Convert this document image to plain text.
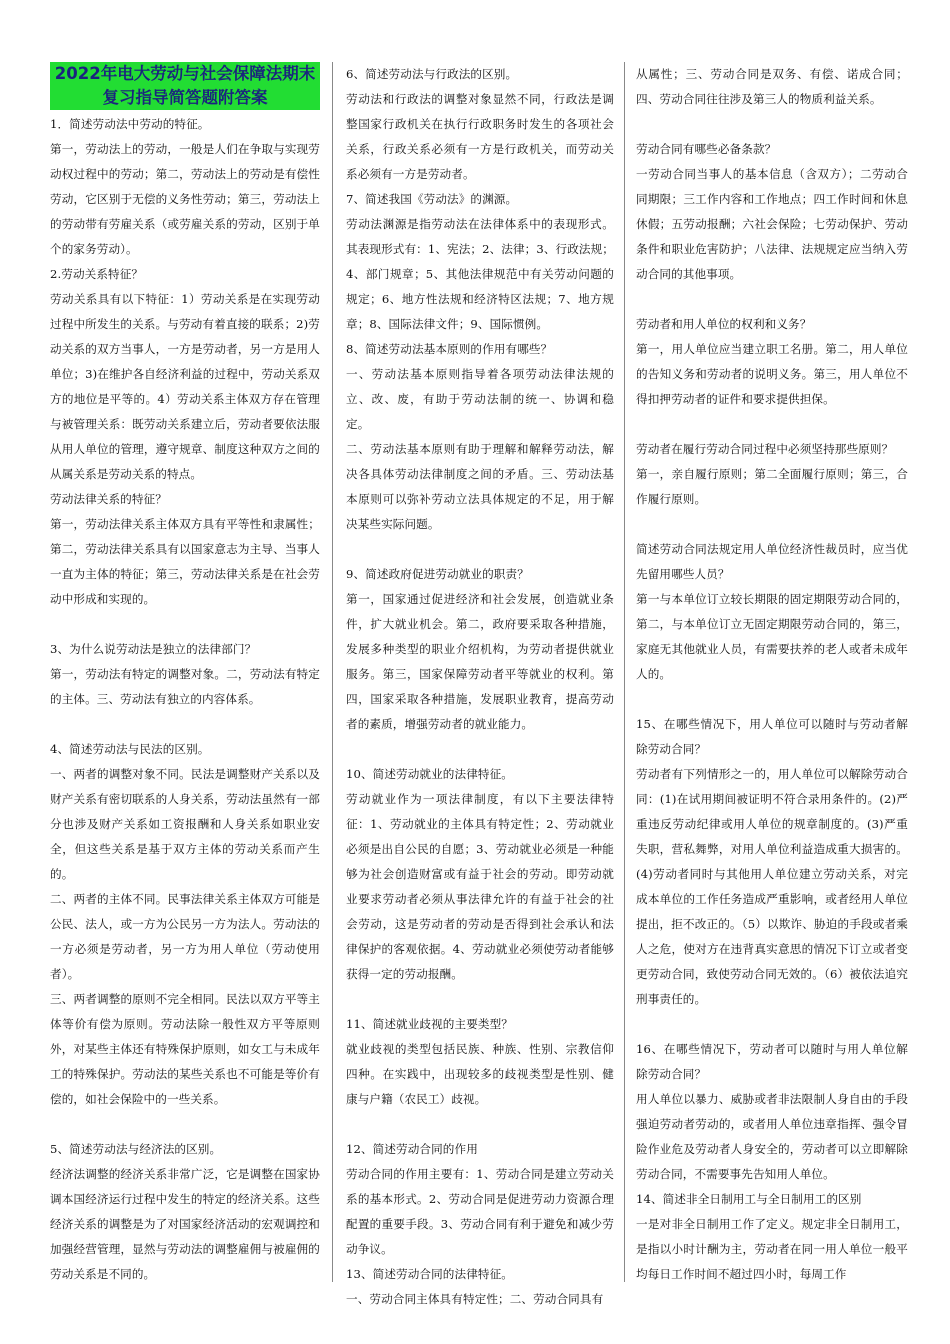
2022年电大劳动与社会保障法期末复习指导简答题附答案

1．简述劳动法中劳动的特征。

第一，劳动法上的劳动，一般是人们在争取与实现劳动权过程中的劳动；第二，劳动法上的劳动是有偿性劳动，它区别于无偿的义务性劳动；第三，劳动法上的劳动带有劳雇关系（或劳雇关系的劳动，区别于单个的家务劳动）。

2.劳动关系特征？

劳动关系具有以下特征：1）劳动关系是在实现劳动过程中所发生的关系。与劳动有着直接的联系；2)劳动关系的双方当事人，一方是劳动者，另一方是用人单位；3)在维护各自经济利益的过程中，劳动关系双方的地位是平等的。4）劳动关系主体双方存在管理与被管理关系：既劳动关系建立后，劳动者要依法服从用人单位的管理，遵守规章、制度这种双方之间的从属关系是劳动关系的特点。

劳动法律关系的特征？

第一，劳动法律关系主体双方具有平等性和隶属性；第二，劳动法律关系具有以国家意志为主导、当事人一直为主体的特征；第三，劳动法律关系是在社会劳动中形成和实现的。

3、为什么说劳动法是独立的法律部门？

第一，劳动法有特定的调整对象。二，劳动法有特定的主体。三、劳动法有独立的内容体系。

4、简述劳动法与民法的区别。

一、两者的调整对象不同。民法是调整财产关系以及财产关系有密切联系的人身关系，劳动法虽然有一部分也涉及财产关系如工资报酬和人身关系如职业安全，但这些关系是基于双方主体的劳动关系而产生的。

二、两者的主体不同。民事法律关系主体双方可能是公民、法人，或一方为公民另一方为法人。劳动法的一方必须是劳动者，另一方为用人单位（劳动使用者）。

三、两者调整的原则不完全相同。民法以双方平等主体等价有偿为原则。劳动法除一般性双方平等原则外，对某些主体还有特殊保护原则，如女工与未成年工的特殊保护。劳动法的某些关系也不可能是等价有偿的，如社会保险中的一些关系。

5、简述劳动法与经济法的区别。

经济法调整的经济关系非常广泛，它是调整在国家协调本国经济运行过程中发生的特定的经济关系。这些经济关系的调整是为了对国家经济活动的宏观调控和加强经营管理，显然与劳动法的调整雇佣与被雇佣的劳动关系是不同的。

6、简述劳动法与行政法的区别。

劳动法和行政法的调整对象显然不同，行政法是调整国家行政机关在执行行政职务时发生的各项社会关系，行政关系必须有一方是行政机关，而劳动关系必须有一方是劳动者。

7、简述我国《劳动法》的渊源。

劳动法渊源是指劳动法在法律体系中的表现形式。其表现形式有：1、宪法；2、法律；3、行政法规；4、部门规章；5、其他法律规范中有关劳动问题的规定；6、地方性法规和经济特区法规；7、地方规章；8、国际法律文件；9、国际惯例。

8、简述劳动法基本原则的作用有哪些？

一、劳动法基本原则指导着各项劳动法律法规的立、改、废，有助于劳动法制的统一、协调和稳定。

二、劳动法基本原则有助于理解和解释劳动法，解决各具体劳动法律制度之间的矛盾。三、劳动法基本原则可以弥补劳动立法具体规定的不足，用于解决某些实际问题。

9、简述政府促进劳动就业的职责？

第一，国家通过促进经济和社会发展，创造就业条件，扩大就业机会。第二，政府要采取各种措施，发展多种类型的职业介绍机构，为劳动者提供就业服务。第三，国家保障劳动者平等就业的权利。第四，国家采取各种措施，发展职业教育，提高劳动者的素质，增强劳动者的就业能力。

10、简述劳动就业的法律特征。

劳动就业作为一项法律制度，有以下主要法律特征：1、劳动就业的主体具有特定性；2、劳动就业必须是出自公民的自愿；3、劳动就业必须是一种能够为社会创造财富或有益于社会的劳动。即劳动就业要求劳动者必须从事法律允许的有益于社会的社会劳动，这是劳动者的劳动是否得到社会承认和法律保护的客观依据。4、劳动就业必须使劳动者能够获得一定的劳动报酬。

11、简述就业歧视的主要类型？

就业歧视的类型包括民族、种族、性别、宗教信仰四种。在实践中，出现较多的歧视类型是性别、健康与户籍（农民工）歧视。

12、简述劳动合同的作用

劳动合同的作用主要有：1、劳动合同是建立劳动关系的基本形式。2、劳动合同是促进劳动力资源合理配置的重要手段。3、劳动合同有利于避免和减少劳动争议。

13、简述劳动合同的法律特征。

一、劳动合同主体具有特定性；二、劳动合同具有

从属性；三、劳动合同是双务、有偿、诺成合同；四、劳动合同往往涉及第三人的物质利益关系。

劳动合同有哪些必备条款？

一劳动合同当事人的基本信息（含双方）；二劳动合同期限；三工作内容和工作地点；四工作时间和休息休假；五劳动报酬；六社会保险；七劳动保护、劳动条件和职业危害防护；八法律、法规规定应当纳入劳动合同的其他事项。

劳动者和用人单位的权利和义务？

第一，用人单位应当建立职工名册。第二，用人单位的告知义务和劳动者的说明义务。第三，用人单位不得扣押劳动者的证件和要求提供担保。

劳动者在履行劳动合同过程中必须坚持那些原则？

第一，亲自履行原则；第二全面履行原则；第三，合作履行原则。

简述劳动合同法规定用人单位经济性裁员时，应当优先留用哪些人员？

第一与本单位订立较长期限的固定期限劳动合同的，第二，与本单位订立无固定期限劳动合同的，第三，家庭无其他就业人员，有需要扶养的老人或者未成年人的。

15、在哪些情况下，用人单位可以随时与劳动者解除劳动合同？

劳动者有下列情形之一的，用人单位可以解除劳动合同：(1)在试用期间被证明不符合录用条件的。(2)严重违反劳动纪律或用人单位的规章制度的。(3)严重失职，营私舞弊，对用人单位利益造成重大损害的。(4)劳动者同时与其他用人单位建立劳动关系，对完成本单位的工作任务造成严重影响，或者经用人单位提出，拒不改正的。（5）以欺诈、胁迫的手段或者乘人之危，使对方在违背真实意思的情况下订立或者变更劳动合同，致使劳动合同无效的。（6）被依法追究刑事责任的。

16、在哪些情况下，劳动者可以随时与用人单位解除劳动合同？

用人单位以暴力、威胁或者非法限制人身自由的手段强迫劳动者劳动的，或者用人单位违章指挥、强令冒险作业危及劳动者人身安全的，劳动者可以立即解除劳动合同，不需要事先告知用人单位。

14、简述非全日制用工与全日制用工的区别

一是对非全日制用工作了定义。规定非全日制用工，是指以小时计酬为主，劳动者在同一用人单位一般平均每日工作时间不超过四小时，每周工作
